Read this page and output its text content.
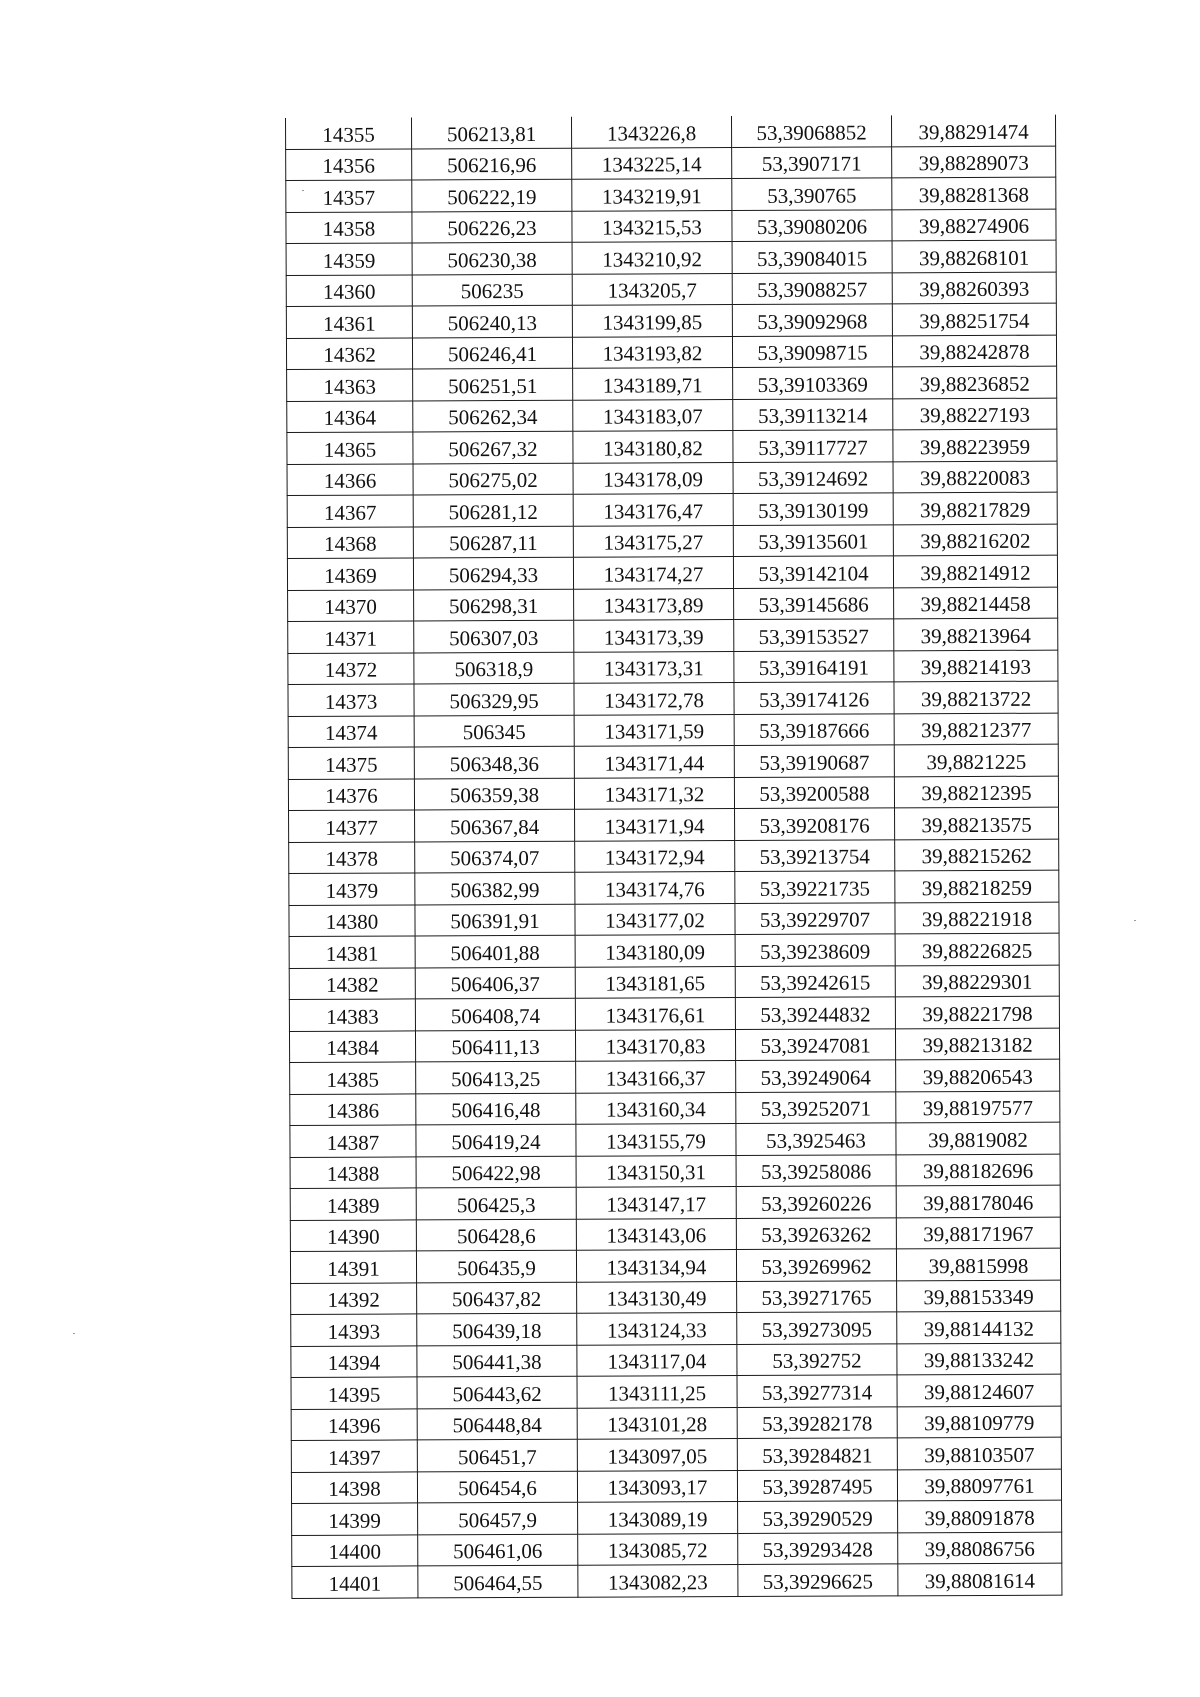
14355	506213,81	1343226,8	53,39068852	39,88291474
14356	506216,96	1343225,14	53,3907171	39,88289073
14357	506222,19	1343219,91	53,390765	39,88281368
14358	506226,23	1343215,53	53,39080206	39,88274906
14359	506230,38	1343210,92	53,39084015	39,88268101
14360	506235	1343205,7	53,39088257	39,88260393
14361	506240,13	1343199,85	53,39092968	39,88251754
14362	506246,41	1343193,82	53,39098715	39,88242878
14363	506251,51	1343189,71	53,39103369	39,88236852
14364	506262,34	1343183,07	53,39113214	39,88227193
14365	506267,32	1343180,82	53,39117727	39,88223959
14366	506275,02	1343178,09	53,39124692	39,88220083
14367	506281,12	1343176,47	53,39130199	39,88217829
14368	506287,11	1343175,27	53,39135601	39,88216202
14369	506294,33	1343174,27	53,39142104	39,88214912
14370	506298,31	1343173,89	53,39145686	39,88214458
14371	506307,03	1343173,39	53,39153527	39,88213964
14372	506318,9	1343173,31	53,39164191	39,88214193
14373	506329,95	1343172,78	53,39174126	39,88213722
14374	506345	1343171,59	53,39187666	39,88212377
14375	506348,36	1343171,44	53,39190687	39,8821225
14376	506359,38	1343171,32	53,39200588	39,88212395
14377	506367,84	1343171,94	53,39208176	39,88213575
14378	506374,07	1343172,94	53,39213754	39,88215262
14379	506382,99	1343174,76	53,39221735	39,88218259
14380	506391,91	1343177,02	53,39229707	39,88221918
14381	506401,88	1343180,09	53,39238609	39,88226825
14382	506406,37	1343181,65	53,39242615	39,88229301
14383	506408,74	1343176,61	53,39244832	39,88221798
14384	506411,13	1343170,83	53,39247081	39,88213182
14385	506413,25	1343166,37	53,39249064	39,88206543
14386	506416,48	1343160,34	53,39252071	39,88197577
14387	506419,24	1343155,79	53,3925463	39,8819082
14388	506422,98	1343150,31	53,39258086	39,88182696
14389	506425,3	1343147,17	53,39260226	39,88178046
14390	506428,6	1343143,06	53,39263262	39,88171967
14391	506435,9	1343134,94	53,39269962	39,8815998
14392	506437,82	1343130,49	53,39271765	39,88153349
14393	506439,18	1343124,33	53,39273095	39,88144132
14394	506441,38	1343117,04	53,392752	39,88133242
14395	506443,62	1343111,25	53,39277314	39,88124607
14396	506448,84	1343101,28	53,39282178	39,88109779
14397	506451,7	1343097,05	53,39284821	39,88103507
14398	506454,6	1343093,17	53,39287495	39,88097761
14399	506457,9	1343089,19	53,39290529	39,88091878
14400	506461,06	1343085,72	53,39293428	39,88086756
14401	506464,55	1343082,23	53,39296625	39,88081614
